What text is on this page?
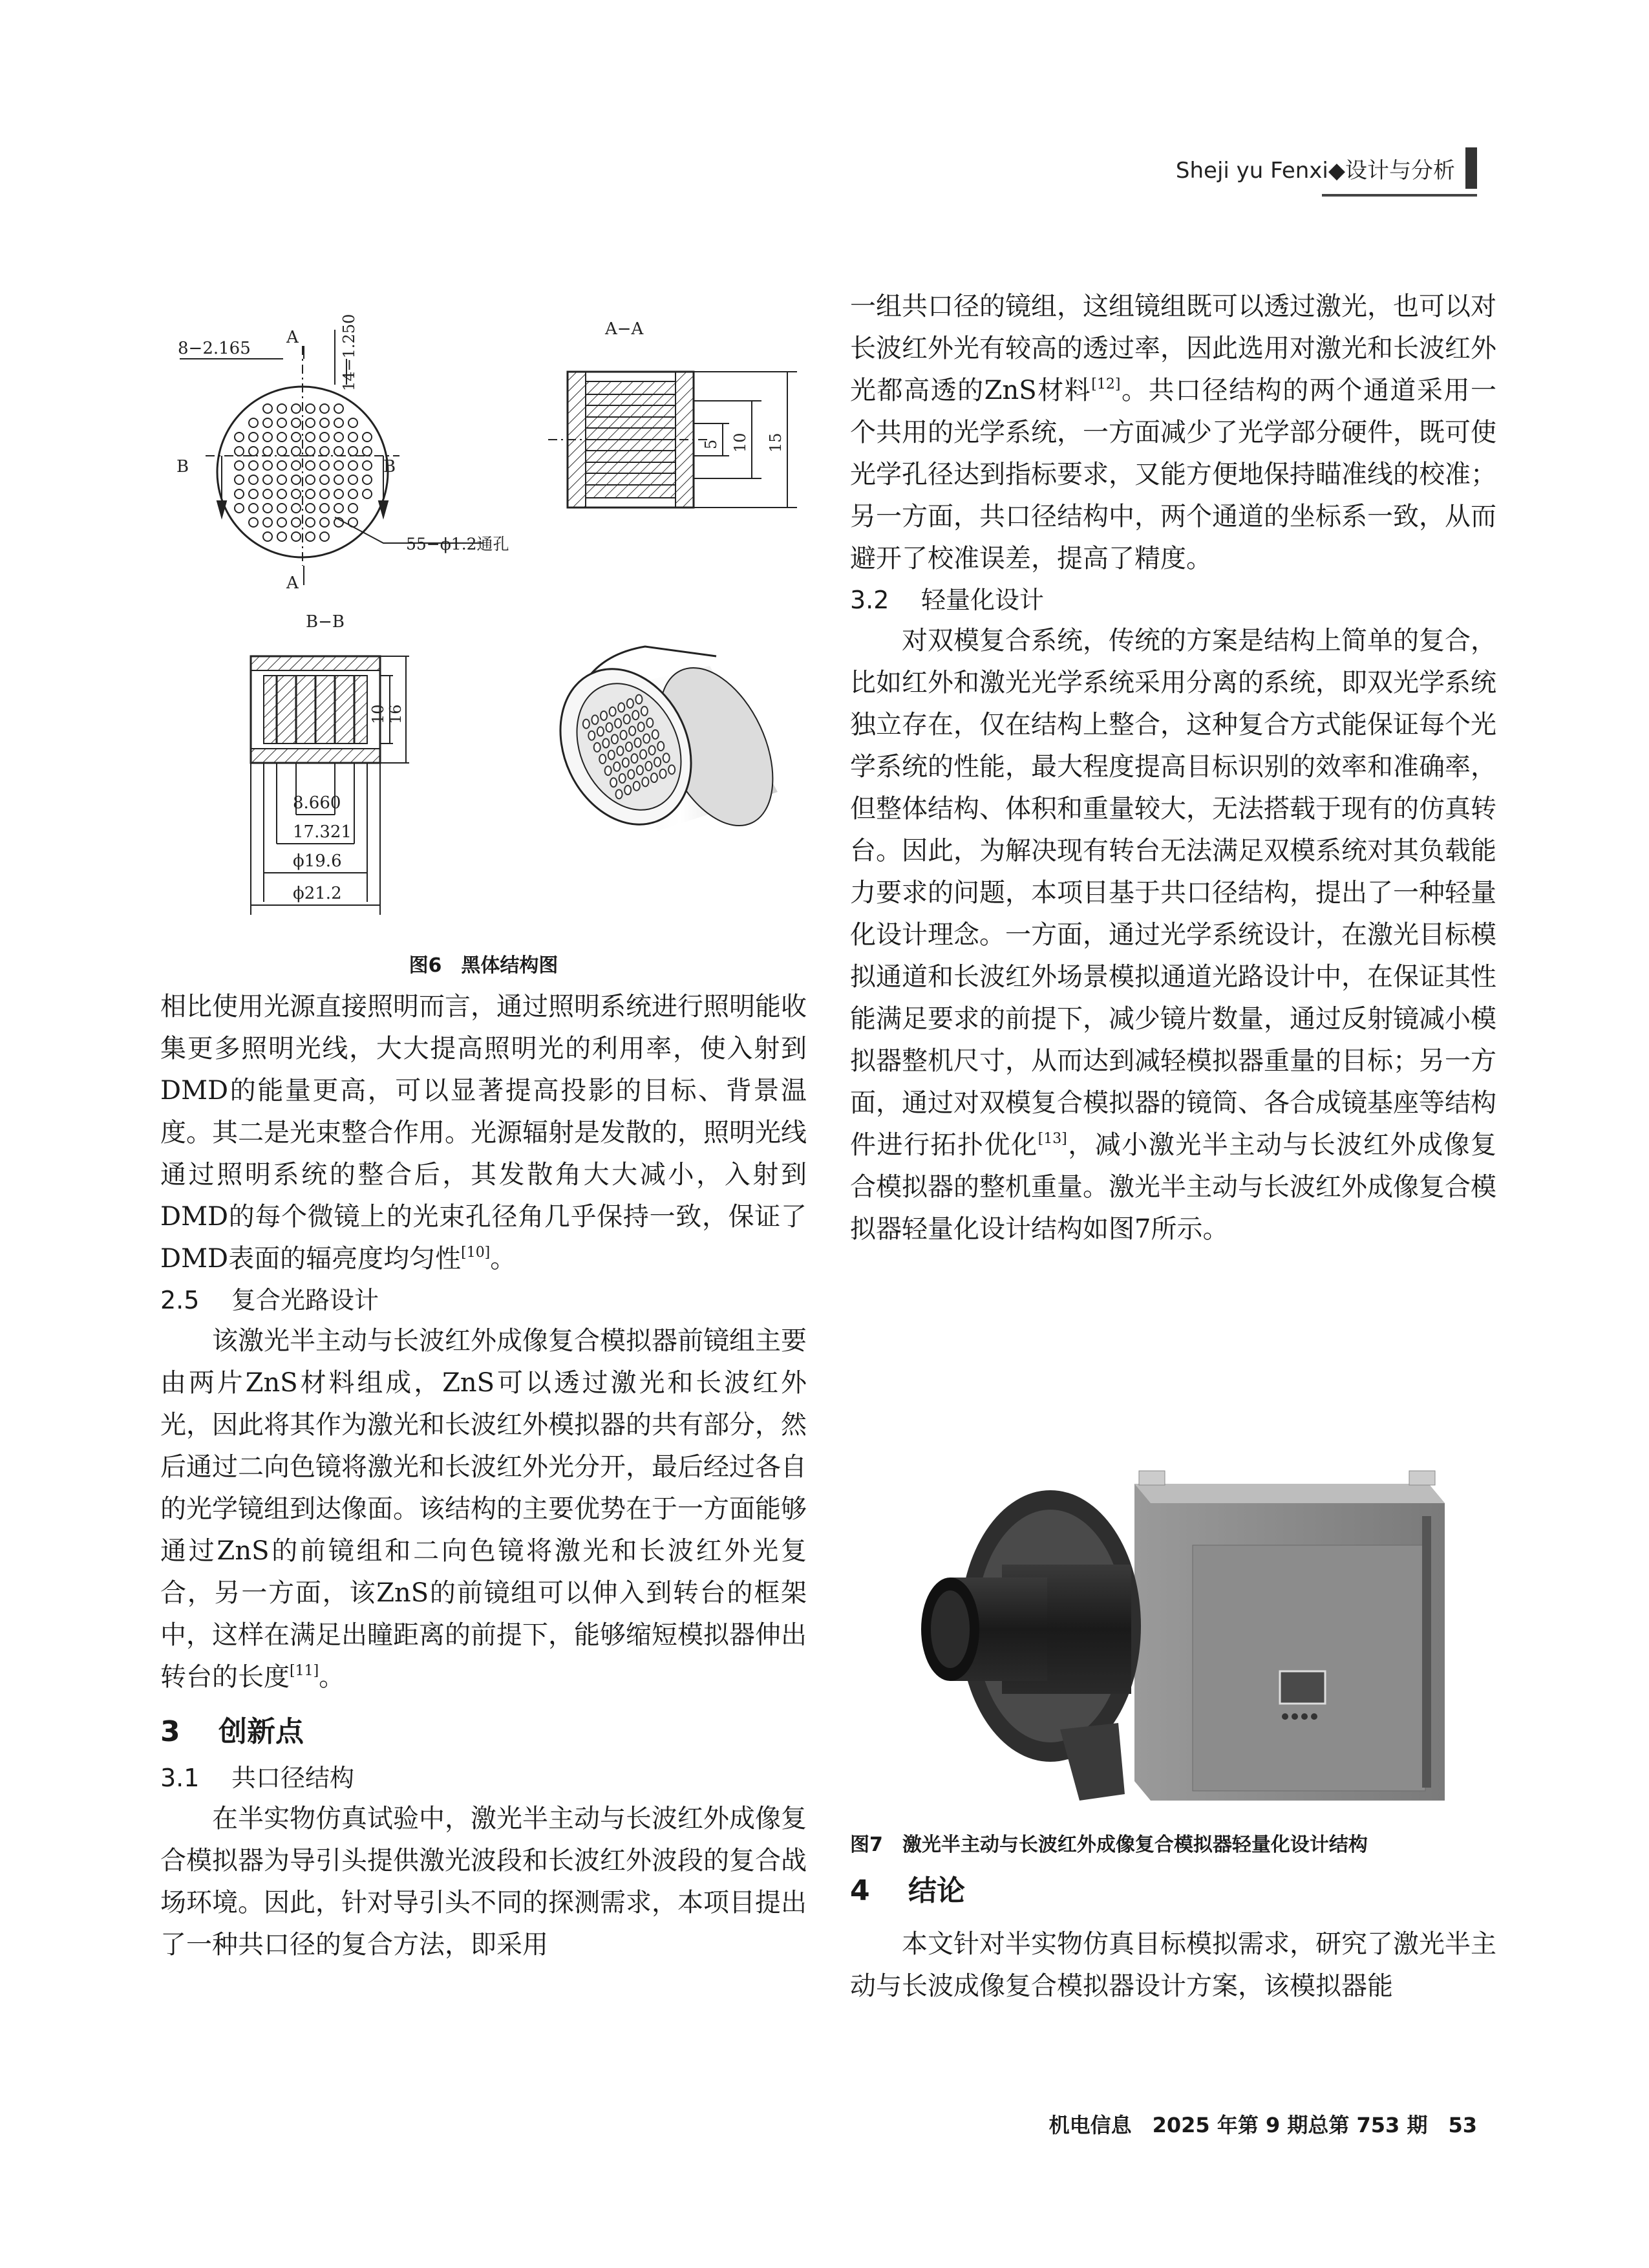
Sheji yu Fenxi◆设计与分析
8−2.165
A
A
B	B
14−1.250
55−ϕ1.2通孔
A−A
5 10 15
B−B
10 16
8.660
17.321
ϕ19.6
ϕ21.2
图6　黑体结构图

相比使用光源直接照明而言，通过照明系统进行照明能收集更多照明光线，大大提高照明光的利用率，使入射到DMD的能量更高，可以显著提高投影的目标、背景温度。其二是光束整合作用。光源辐射是发散的，照明光线通过照明系统的整合后，其发散角大大减小，入射到DMD的每个微镜上的光束孔径角几乎保持一致，保证了DMD表面的辐亮度均匀性[10]。

2.5 复合光路设计

该激光半主动与长波红外成像复合模拟器前镜组主要由两片ZnS材料组成，ZnS可以透过激光和长波红外光，因此将其作为激光和长波红外模拟器的共有部分，然后通过二向色镜将激光和长波红外光分开，最后经过各自的光学镜组到达像面。该结构的主要优势在于一方面能够通过ZnS的前镜组和二向色镜将激光和长波红外光复合，另一方面，该ZnS的前镜组可以伸入到转台的框架中，这样在满足出瞳距离的前提下，能够缩短模拟器伸出转台的长度[11]。

3 创新点

3.1 共口径结构

在半实物仿真试验中，激光半主动与长波红外成像复合模拟器为导引头提供激光波段和长波红外波段的复合战场环境。因此，针对导引头不同的探测需求，本项目提出了一种共口径的复合方法，即采用

一组共口径的镜组，这组镜组既可以透过激光，也可以对长波红外光有较高的透过率，因此选用对激光和长波红外光都高透的ZnS材料[12]。共口径结构的两个通道采用一个共用的光学系统，一方面减少了光学部分硬件，既可使光学孔径达到指标要求，又能方便地保持瞄准线的校准；另一方面，共口径结构中，两个通道的坐标系一致，从而避开了校准误差，提高了精度。

3.2 轻量化设计

对双模复合系统，传统的方案是结构上简单的复合，比如红外和激光光学系统采用分离的系统，即双光学系统独立存在，仅在结构上整合，这种复合方式能保证每个光学系统的性能，最大程度提高目标识别的效率和准确率，但整体结构、体积和重量较大，无法搭载于现有的仿真转台。因此，为解决现有转台无法满足双模系统对其负载能力要求的问题，本项目基于共口径结构，提出了一种轻量化设计理念。一方面，通过光学系统设计，在激光目标模拟通道和长波红外场景模拟通道光路设计中，在保证其性能满足要求的前提下，减少镜片数量，通过反射镜减小模拟器整机尺寸，从而达到减轻模拟器重量的目标；另一方面，通过对双模复合模拟器的镜筒、各合成镜基座等结构件进行拓扑优化[13]，减小激光半主动与长波红外成像复合模拟器的整机重量。激光半主动与长波红外成像复合模拟器轻量化设计结构如图7所示。

图7　激光半主动与长波红外成像复合模拟器轻量化设计结构

4 结论

本文针对半实物仿真目标模拟需求，研究了激光半主动与长波成像复合模拟器设计方案，该模拟器能

机电信息　2025 年第 9 期总第 753 期　53
